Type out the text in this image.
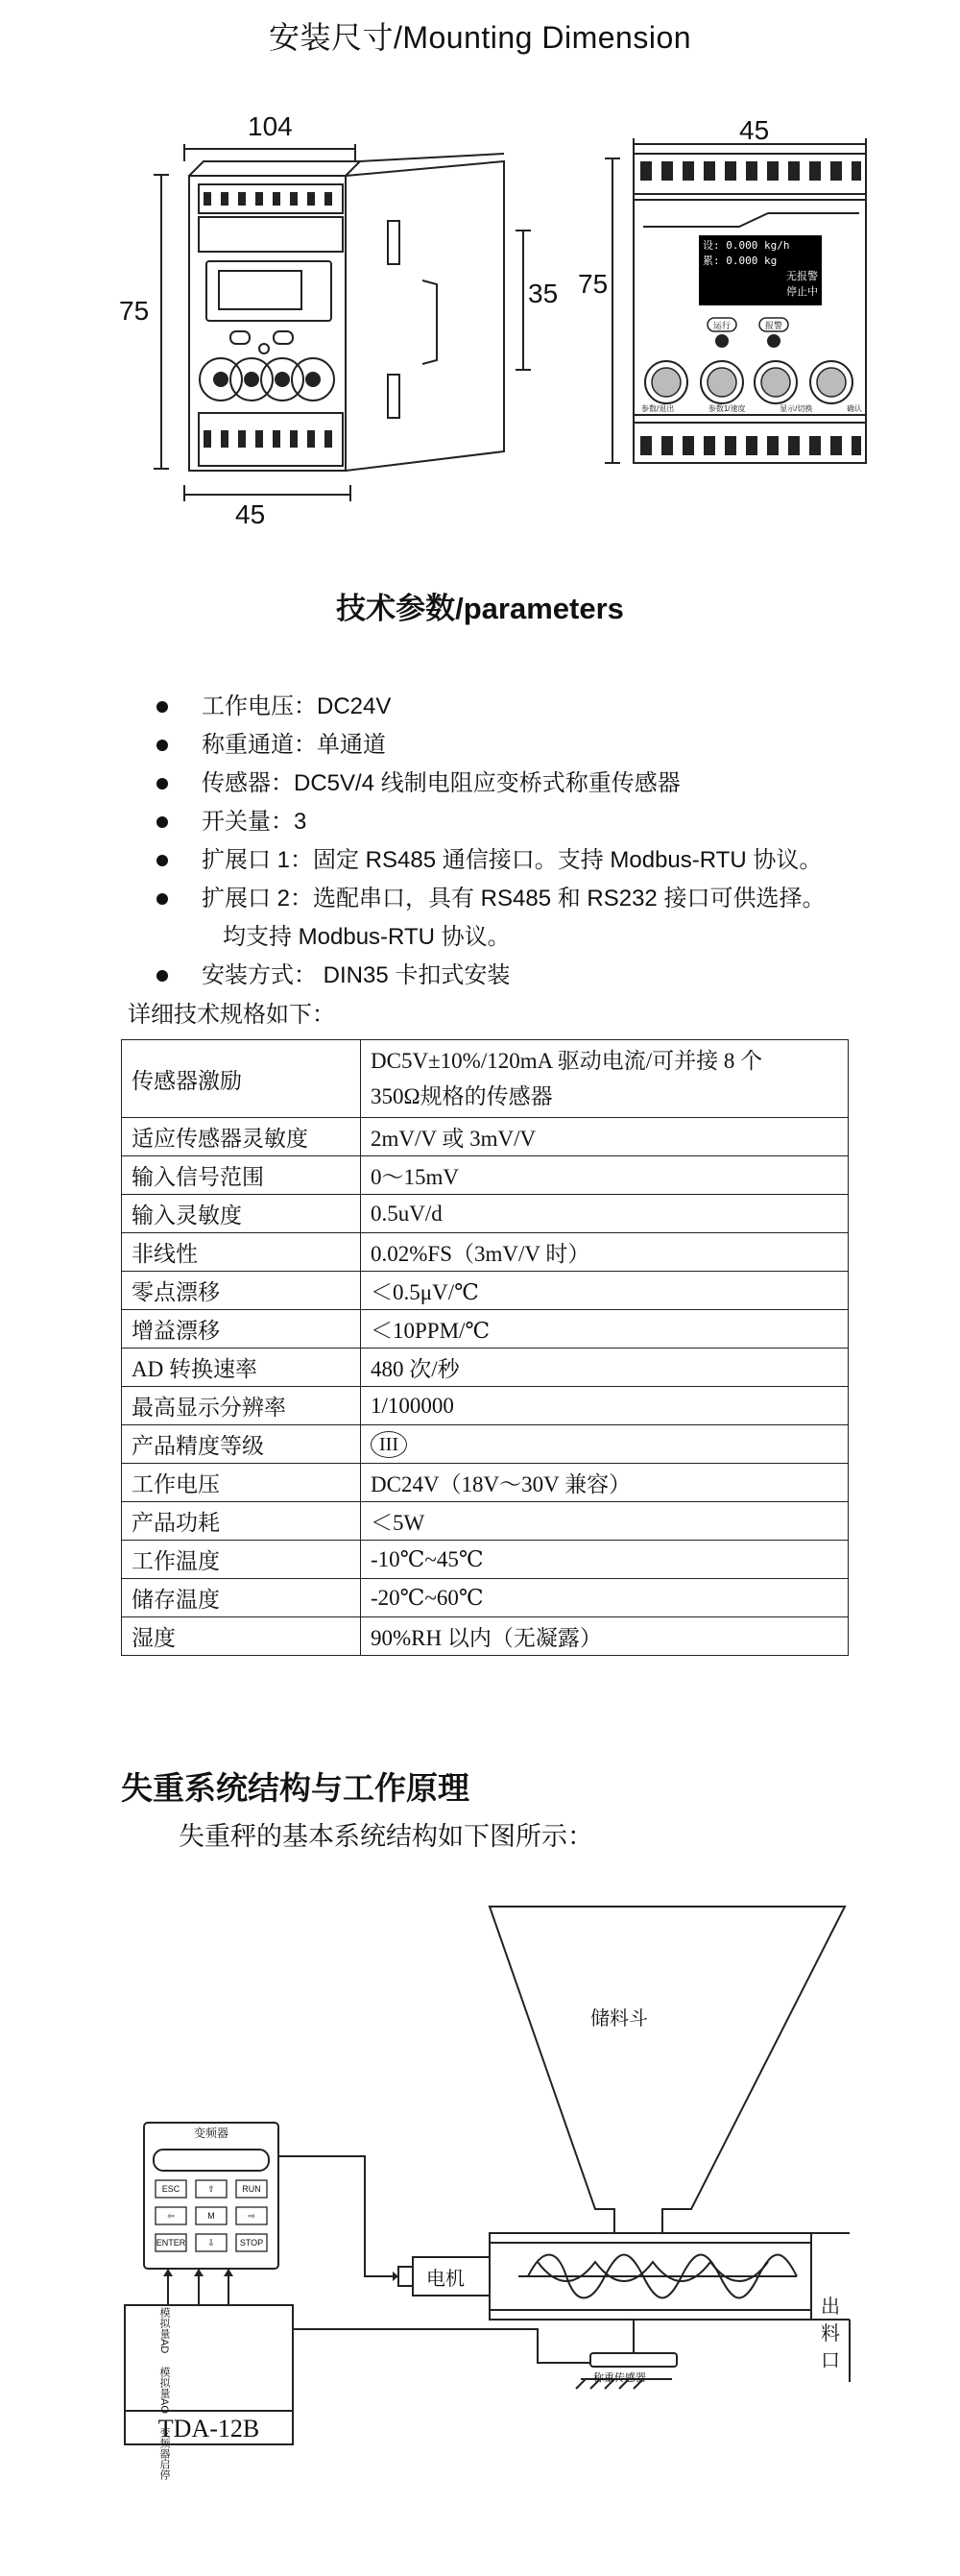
安装尺寸/Mounting Dimension
104
75
35
45
45
75
设: 0.000 kg/h
累: 0.000 kg
无报警
停止中
运行	报警
参数/退出	参数1/速度	显示/切换	确认
技术参数/parameters
工作电压：DC24V
称重通道：单通道
传感器：DC5V/4 线制电阻应变桥式称重传感器
开关量：3
扩展口 1：固定 RS485 通信接口。支持 Modbus-RTU 协议。
扩展口 2：选配串口，具有 RS485 和 RS232 接口可供选择。
均支持 Modbus-RTU 协议。
安装方式： DIN35 卡扣式安装
详细技术规格如下：
传感器激励	DC5V±10%/120mA 驱动电流/可并接 8 个
350Ω规格的传感器
适应传感器灵敏度	2mV/V 或 3mV/V
输入信号范围	0～15mV
输入灵敏度	0.5uV/d
非线性	0.02%FS（3mV/V 时）
零点漂移	＜0.5μV/℃
增益漂移	＜10PPM/℃
AD 转换速率	480 次/秒
最高显示分辨率	1/100000
产品精度等级	III
工作电压	DC24V（18V～30V 兼容）
产品功耗	＜5W
工作温度	-10℃~45℃
储存温度	-20℃~60℃
湿度	90%RH 以内（无凝露）
失重系统结构与工作原理
失重秤的基本系统结构如下图所示：
储料斗
变频器
ESC	⇧	RUN
⇦	M	⇨
ENTER	⇩	STOP
电机
称重传感器
出
料
口
模拟量AD
模拟量AO
变频器启停
TDA-12B
